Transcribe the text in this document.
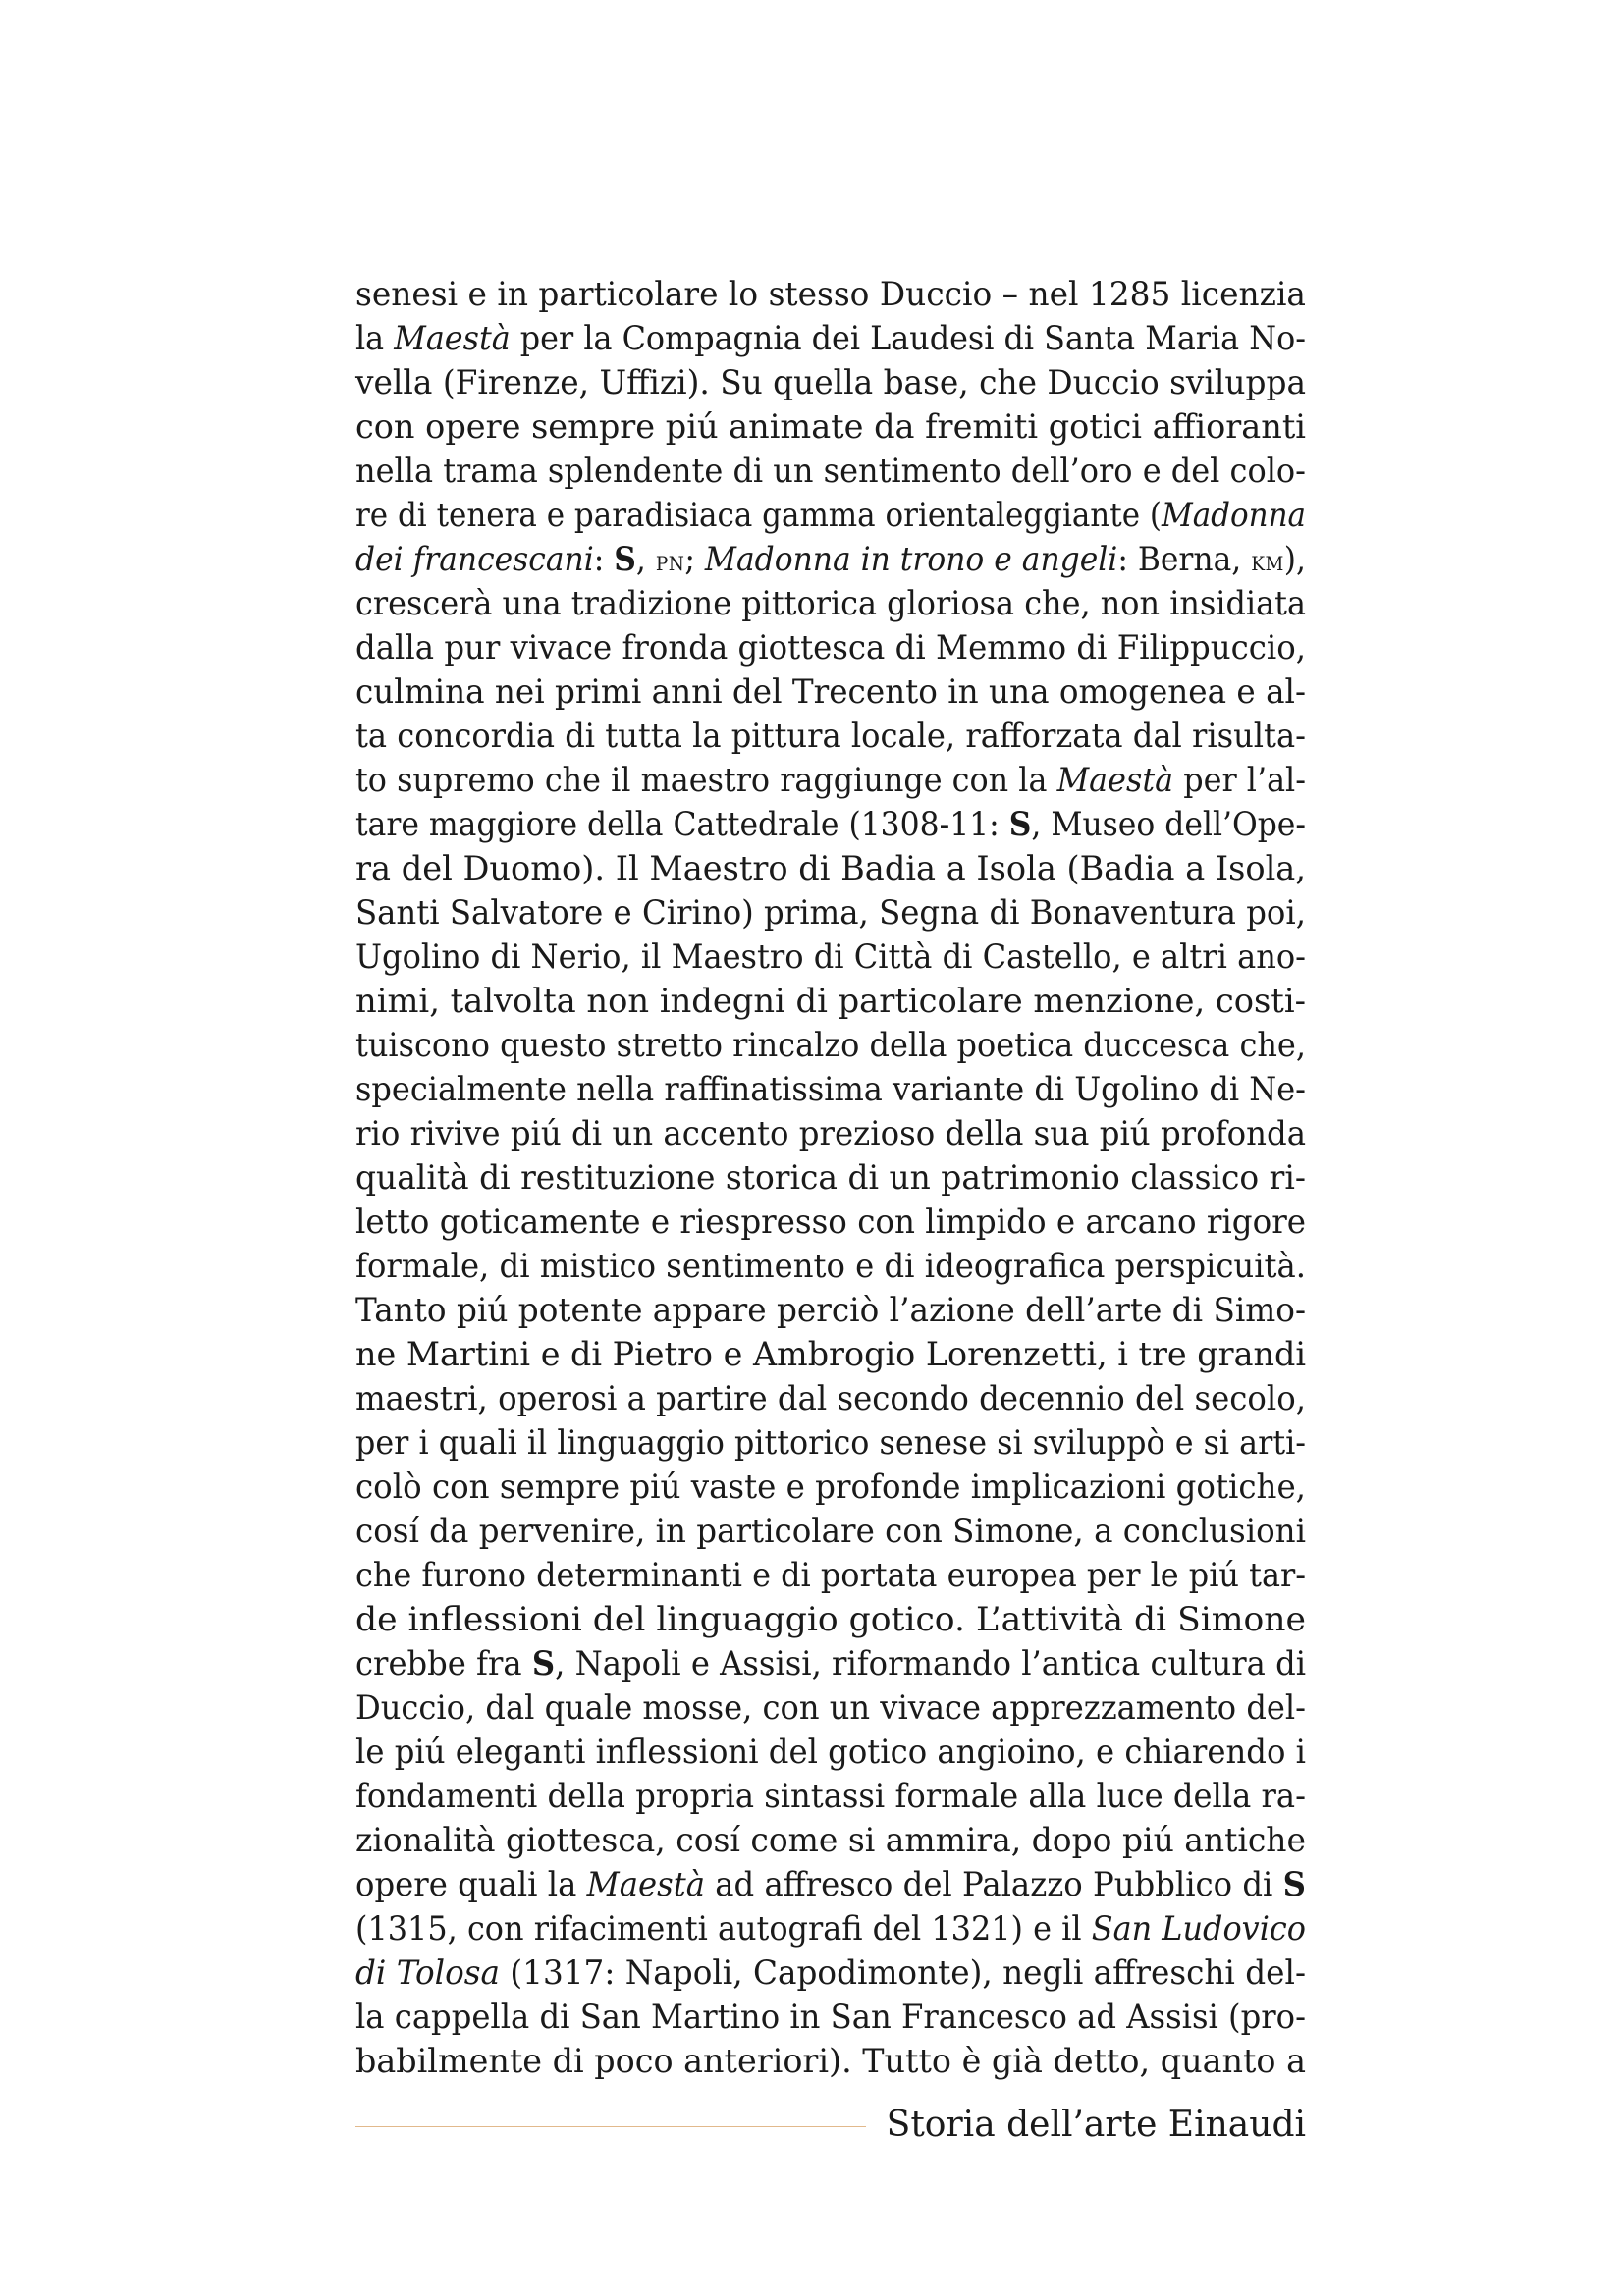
senesi e in particolare lo stesso Duccio – nel 1285 licenzia
la Maestà per la Compagnia dei Laudesi di Santa Maria No-
vella (Firenze, Uffizi). Su quella base, che Duccio sviluppa
con opere sempre piú animate da fremiti gotici affioranti
nella trama splendente di un sentimento dell’oro e del colo-
re di tenera e paradisiaca gamma orientaleggiante (Madonna
dei francescani: S, pn; Madonna in trono e angeli: Berna, km),
crescerà una tradizione pittorica gloriosa che, non insidiata
dalla pur vivace fronda giottesca di Memmo di Filippuccio,
culmina nei primi anni del Trecento in una omogenea e al-
ta concordia di tutta la pittura locale, rafforzata dal risulta-
to supremo che il maestro raggiunge con la Maestà per l’al-
tare maggiore della Cattedrale (1308-11: S, Museo dell’Ope-
ra del Duomo). Il Maestro di Badia a Isola (Badia a Isola,
Santi Salvatore e Cirino) prima, Segna di Bonaventura poi,
Ugolino di Nerio, il Maestro di Città di Castello, e altri ano-
nimi, talvolta non indegni di particolare menzione, costi-
tuiscono questo stretto rincalzo della poetica duccesca che,
specialmente nella raffinatissima variante di Ugolino di Ne-
rio rivive piú di un accento prezioso della sua piú profonda
qualità di restituzione storica di un patrimonio classico ri-
letto goticamente e riespresso con limpido e arcano rigore
formale, di mistico sentimento e di ideografica perspicuità.
Tanto piú potente appare perciò l’azione dell’arte di Simo-
ne Martini e di Pietro e Ambrogio Lorenzetti, i tre grandi
maestri, operosi a partire dal secondo decennio del secolo,
per i quali il linguaggio pittorico senese si sviluppò e si arti-
colò con sempre piú vaste e profonde implicazioni gotiche,
cosí da pervenire, in particolare con Simone, a conclusioni
che furono determinanti e di portata europea per le piú tar-
de inflessioni del linguaggio gotico. L’attività di Simone
crebbe fra S, Napoli e Assisi, riformando l’antica cultura di
Duccio, dal quale mosse, con un vivace apprezzamento del-
le piú eleganti inflessioni del gotico angioino, e chiarendo i
fondamenti della propria sintassi formale alla luce della ra-
zionalità giottesca, cosí come si ammira, dopo piú antiche
opere quali la Maestà ad affresco del Palazzo Pubblico di S
(1315, con rifacimenti autografi del 1321) e il San Ludovico
di Tolosa (1317: Napoli, Capodimonte), negli affreschi del-
la cappella di San Martino in San Francesco ad Assisi (pro-
babilmente di poco anteriori). Tutto è già detto, quanto a
Storia dell’arte Einaudi
